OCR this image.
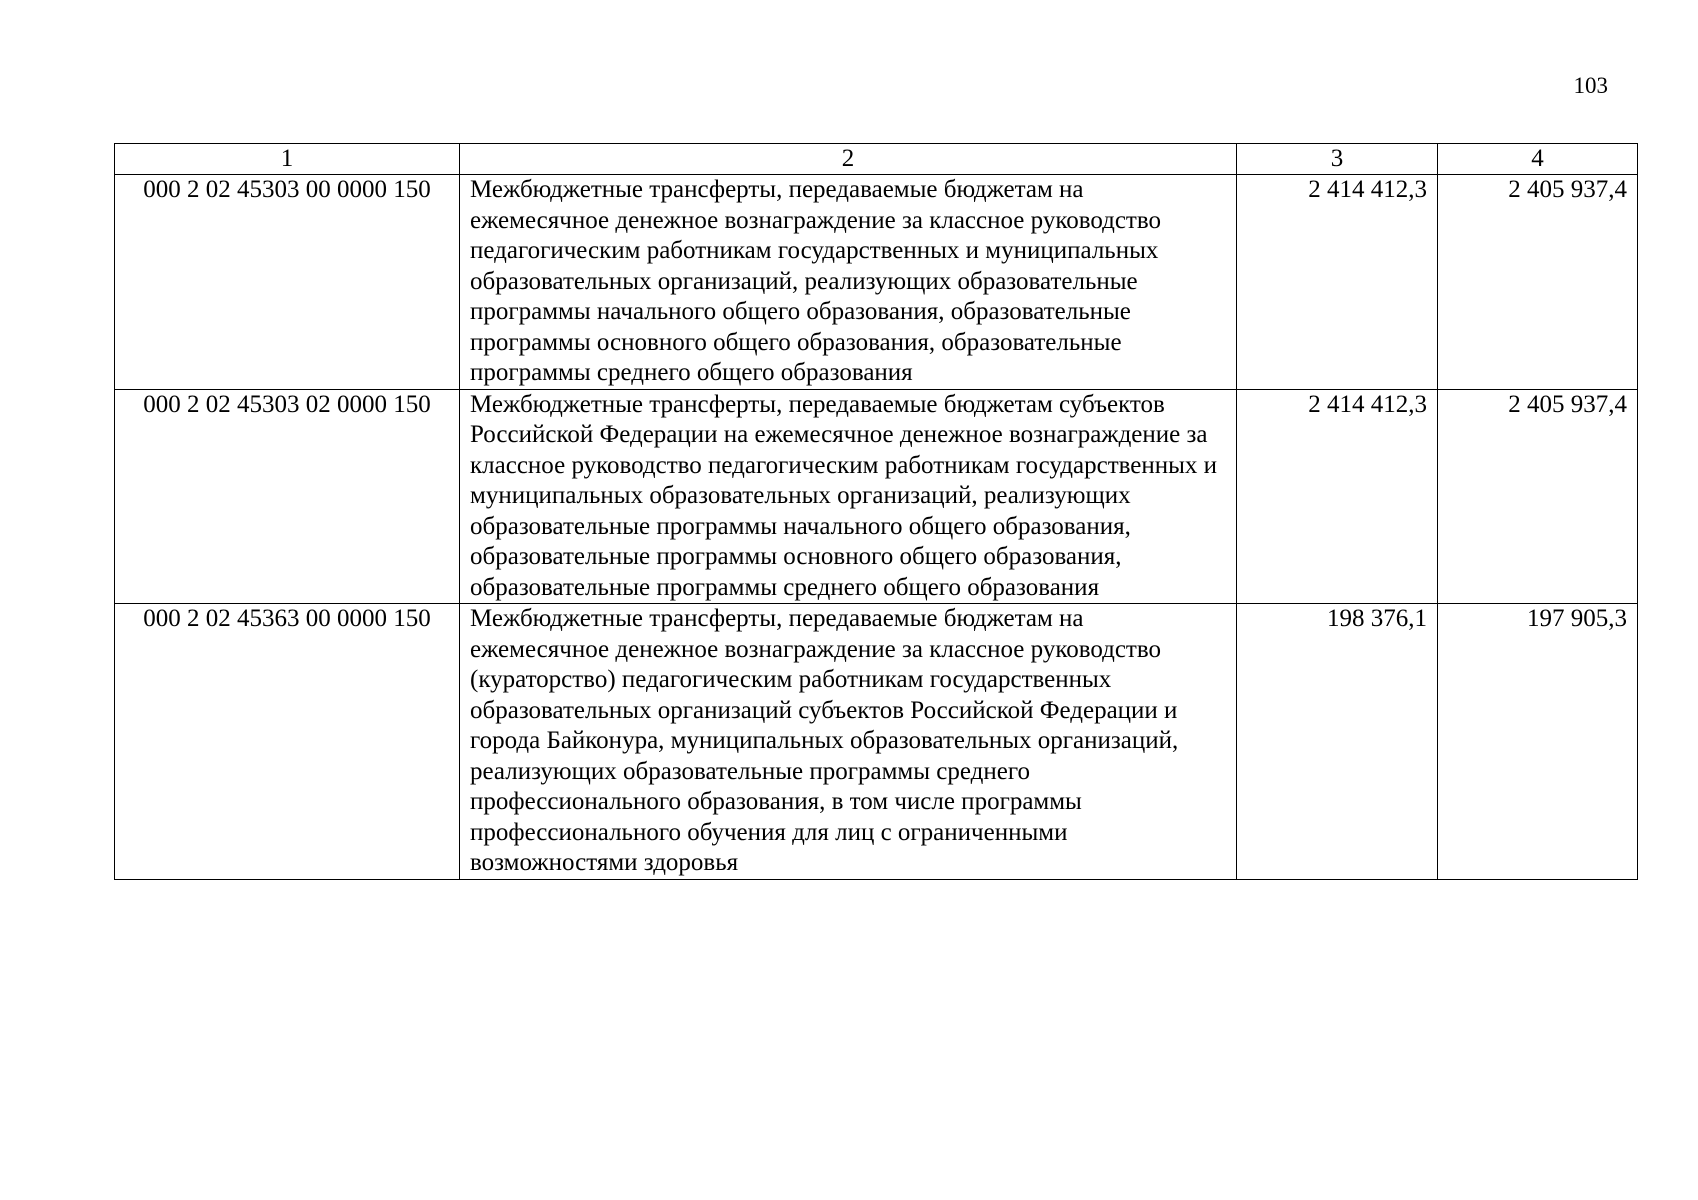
103
1	2	3	4
000 2 02 45303 00 0000 150	Межбюджетные трансферты, передаваемые бюджетам на ежемесячное денежное вознаграждение за классное руководство педагогическим работникам государственных и муниципальных образовательных организаций, реализующих образовательные программы начального общего образования, образовательные программы основного общего образования, образовательные программы среднего общего образования	2 414 412,3	2 405 937,4
000 2 02 45303 02 0000 150	Межбюджетные трансферты, передаваемые бюджетам субъектов Российской Федерации на ежемесячное денежное вознаграждение за классное руководство педагогическим работникам государственных и муниципальных образовательных организаций, реализующих образовательные программы начального общего образования, образовательные программы основного общего образования, образовательные программы среднего общего образования	2 414 412,3	2 405 937,4
000 2 02 45363 00 0000 150	Межбюджетные трансферты, передаваемые бюджетам на ежемесячное денежное вознаграждение за классное руководство (кураторство) педагогическим работникам государственных образовательных организаций субъектов Российской Федерации и города Байконура, муниципальных образовательных организаций, реализующих образовательные программы среднего профессионального образования, в том числе программы профессионального обучения для лиц с ограниченными возможностями здоровья	198 376,1	197 905,3
